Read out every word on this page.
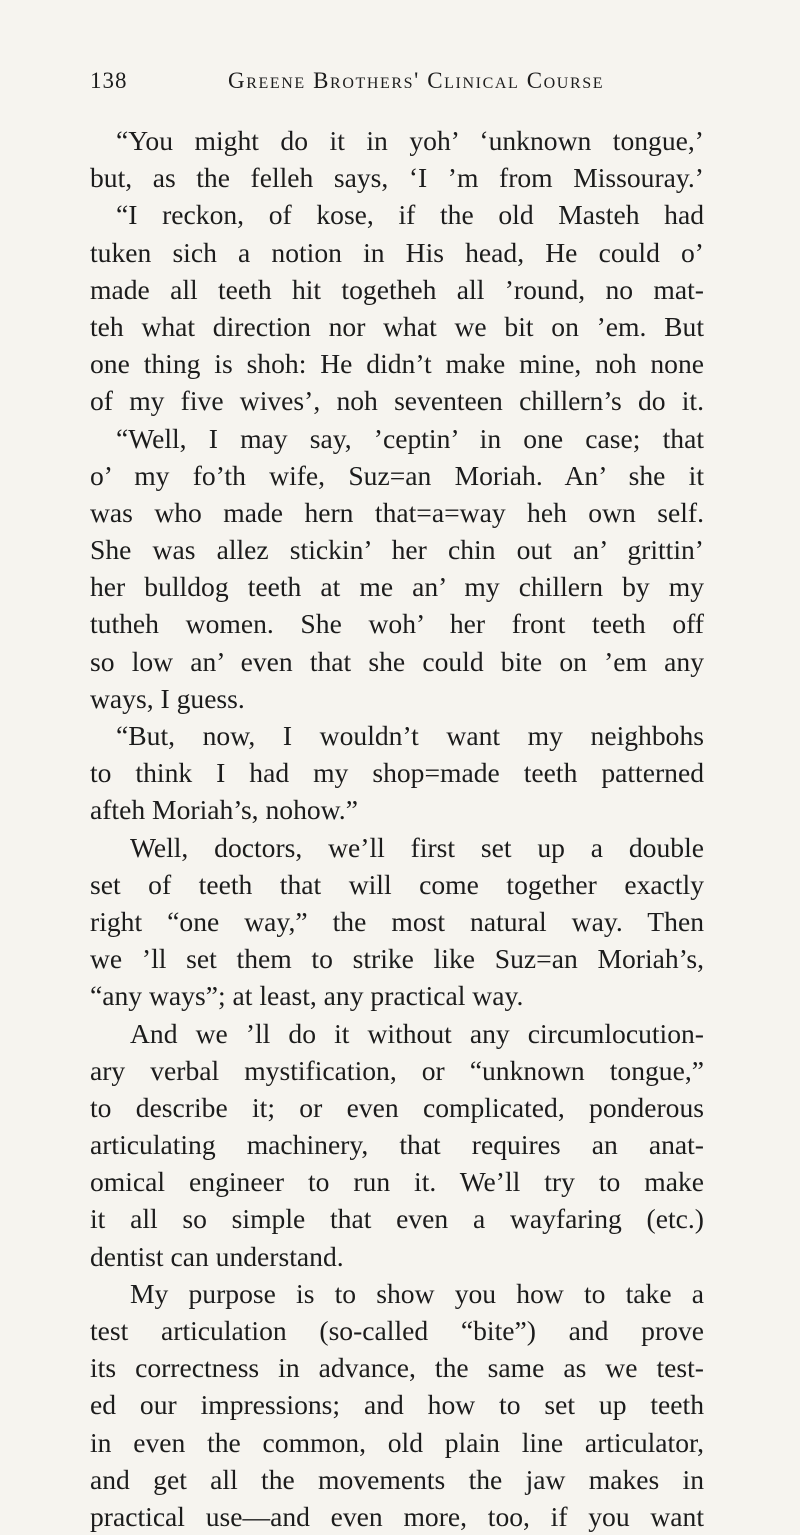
138	Greene Brothers' Clinical Course
“You might do it in yoh’ ‘unknown tongue,’
but, as the felleh says, ‘I ’m from Missouray.’
“I reckon, of kose, if the old Masteh had
tuken sich a notion in His head, He could o’
made all teeth hit togetheh all ’round, no mat-
teh what direction nor what we bit on ’em. But
one thing is shoh: He didn’t make mine, noh none
of my five wives’, noh seventeen chillern’s do it.
“Well, I may say, ’ceptin’ in one case; that
o’ my fo’th wife, Suz=an Moriah. An’ she it
was who made hern that=a=way heh own self.
She was allez stickin’ her chin out an’ grittin’
her bulldog teeth at me an’ my chillern by my
tutheh women. She woh’ her front teeth off
so low an’ even that she could bite on ’em any
ways, I guess.
“But, now, I wouldn’t want my neighbohs
to think I had my shop=made teeth patterned
afteh Moriah’s, nohow.”
Well, doctors, we’ll first set up a double
set of teeth that will come together exactly
right “one way,” the most natural way. Then
we ’ll set them to strike like Suz=an Moriah’s,
“any ways”; at least, any practical way.
And we ’ll do it without any circumlocution-
ary verbal mystification, or “unknown tongue,”
to describe it; or even complicated, ponderous
articulating machinery, that requires an anat-
omical engineer to run it. We’ll try to make
it all so simple that even a wayfaring (etc.)
dentist can understand.
My purpose is to show you how to take a
test articulation (so-called “bite”) and prove
its correctness in advance, the same as we test-
ed our impressions; and how to set up teeth
in even the common, old plain line articulator,
and get all the movements the jaw makes in
practical use—and even more, too, if you want
